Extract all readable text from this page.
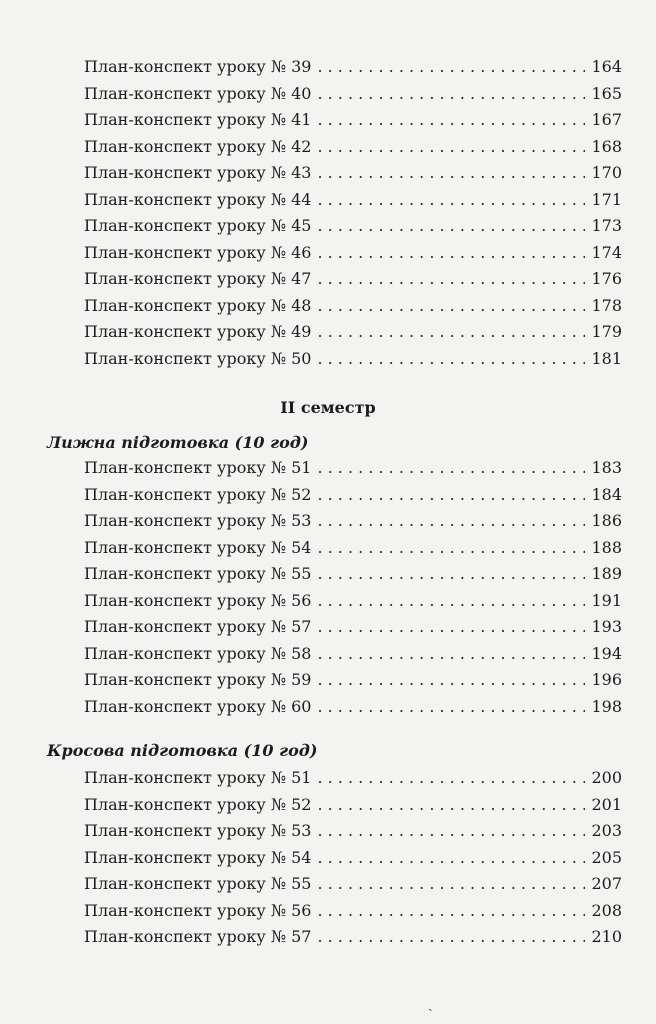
План-конспект уроку № 39 . . .	164
План-конспект уроку № 40 . . .	165
План-конспект уроку № 41 . . .	167
План-конспект уроку № 42 . . .	168
План-конспект уроку № 43 . . .	170
План-конспект уроку № 44 . . .	171
План-конспект уроку № 45 . . .	173
План-конспект уроку № 46 . . .	174
План-конспект уроку № 47 . . .	176
План-конспект уроку № 48 . . .	178
План-конспект уроку № 49 . . .	179
План-конспект уроку № 50 . . .	181
II семестр
Лижна підготовка (10 год)
План-конспект уроку № 51 . . .	183
План-конспект уроку № 52 . . .	184
План-конспект уроку № 53 . . .	186
План-конспект уроку № 54 . . .	188
План-конспект уроку № 55 . . .	189
План-конспект уроку № 56 . . .	191
План-конспект уроку № 57 . . .	193
План-конспект уроку № 58 . . .	194
План-конспект уроку № 59 . . .	196
План-конспект уроку № 60 . . .	198
Кросова підготовка (10 год)
План-конспект уроку № 51 . . .	200
План-конспект уроку № 52 . . .	201
План-конспект уроку № 53 . . .	203
План-конспект уроку № 54 . . .	205
План-конспект уроку № 55 . . .	207
План-конспект уроку № 56 . . .	208
План-конспект уроку № 57 . . .	210
ˏ
